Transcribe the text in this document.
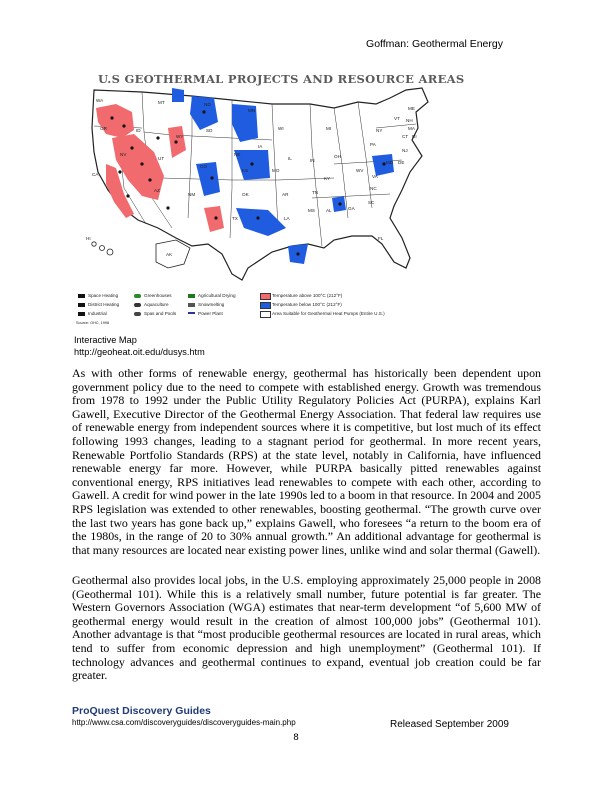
Goffman: Geothermal Energy
U.S GEOTHERMAL PROJECTS AND RESOURCE AREAS
Space Heating	Greenhouses	Agricultural Drying
District Heating	Aquaculture	Snowmelting
Industrial	Spas and Pools	Power Plant
Temperature above 100°C (212°F)
Temperature below 100°C (212°F)
Area Suitable for Geothermal Heat Pumps (Entire U.S.)
Source: GHC, 1998
WA	MT	ND
MN
WI	MI	NY
ME
VT NH
MA
CT RI
OR	ID
WY
SD
IA
IL	IN
OH
PA
NJ
DE
MD
NV
UT
CO
NE
KS	MO
KY
WV
VA
CA
AZ
NM	OK	AR	TN
NC
SC
TX	LA
MS AL	GA
FL
AK
HI
Interactive Map
http://geoheat.oit.edu/dusys.htm

As with other forms of renewable energy, geothermal has historically been dependent upon government policy due to the need to compete with established energy. Growth was tremendous from 1978 to 1992 under the Public Utility Regulatory Policies Act (PURPA), explains Karl Gawell, Executive Director of the Geothermal Energy Association. That federal law requires use of renewable energy from independent sources where it is competitive, but lost much of its effect following 1993 changes, leading to a stagnant period for geothermal. In more recent years, Renewable Portfolio Standards (RPS) at the state level, notably in California, have influenced renewable energy far more. However, while PURPA basically pitted renewables against conventional energy, RPS initiatives lead renewables to compete with each other, according to Gawell. A credit for wind power in the late 1990s led to a boom in that resource. In 2004 and 2005 RPS legislation was extended to other renewables, boosting geothermal. “The growth curve over the last two years has gone back up,” explains Gawell, who foresees “a return to the boom era of the 1980s, in the range of 20 to 30% annual growth.” An additional advantage for geothermal is that many resources are located near existing power lines, unlike wind and solar thermal (Gawell).

Geothermal also provides local jobs, in the U.S. employing approximately 25,000 people in 2008 (Geothermal 101). While this is a relatively small number, future potential is far greater. The Western Governors Association (WGA) estimates that near-term development “of 5,600 MW of geothermal energy would result in the creation of almost 100,000 jobs” (Geothermal 101). Another advantage is that “most producible geothermal resources are located in rural areas, which tend to suffer from economic depression and high unemployment” (Geothermal 101). If technology advances and geothermal continues to expand, eventual job creation could be far greater.

ProQuest Discovery Guides
http://www.csa.com/discoveryguides/discoveryguides-main.php
8
Released September 2009
